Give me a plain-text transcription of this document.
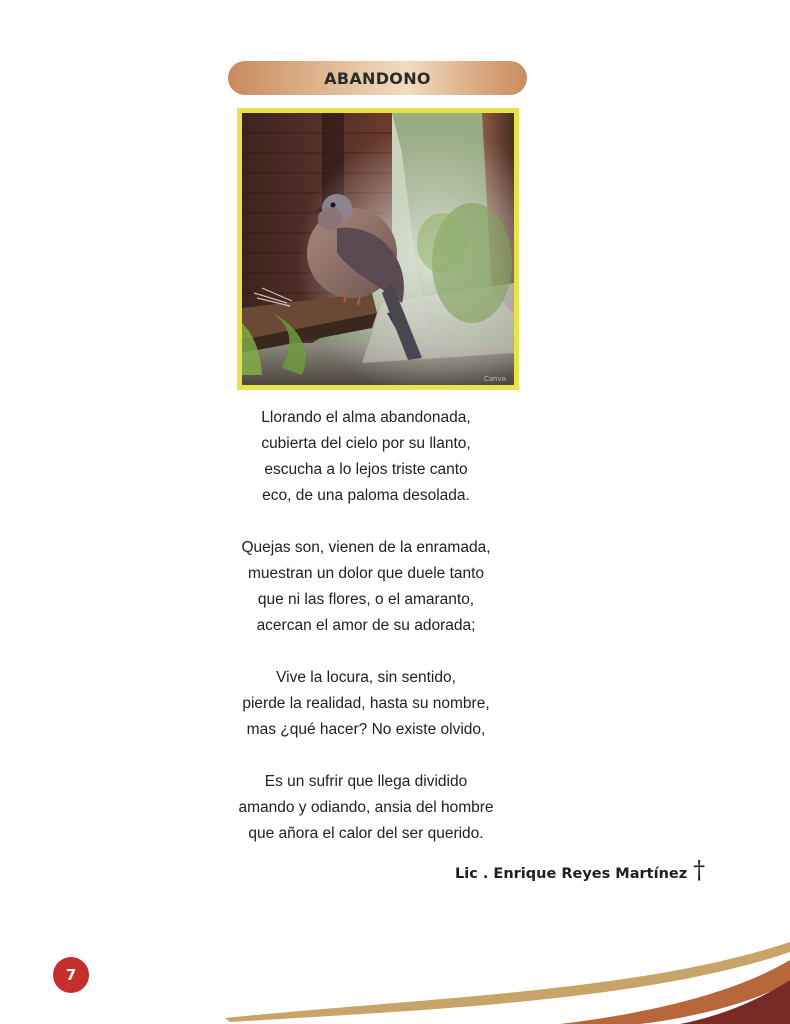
ABANDONO
Canva
Llorando el alma abandonada,
cubierta del cielo por su llanto,
escucha a lo lejos triste canto
eco, de una paloma desolada.
Quejas son, vienen de la enramada,
muestran un dolor que duele tanto
que ni las flores, o el amaranto,
acercan el amor de su adorada;
Vive la locura, sin sentido,
pierde la realidad, hasta su nombre,
mas ¿qué hacer? No existe olvido,
Es un sufrir que llega dividido
amando y odiando, ansia del hombre
que añora el calor del ser querido.
Lic . Enrique Reyes Martínez †
7
